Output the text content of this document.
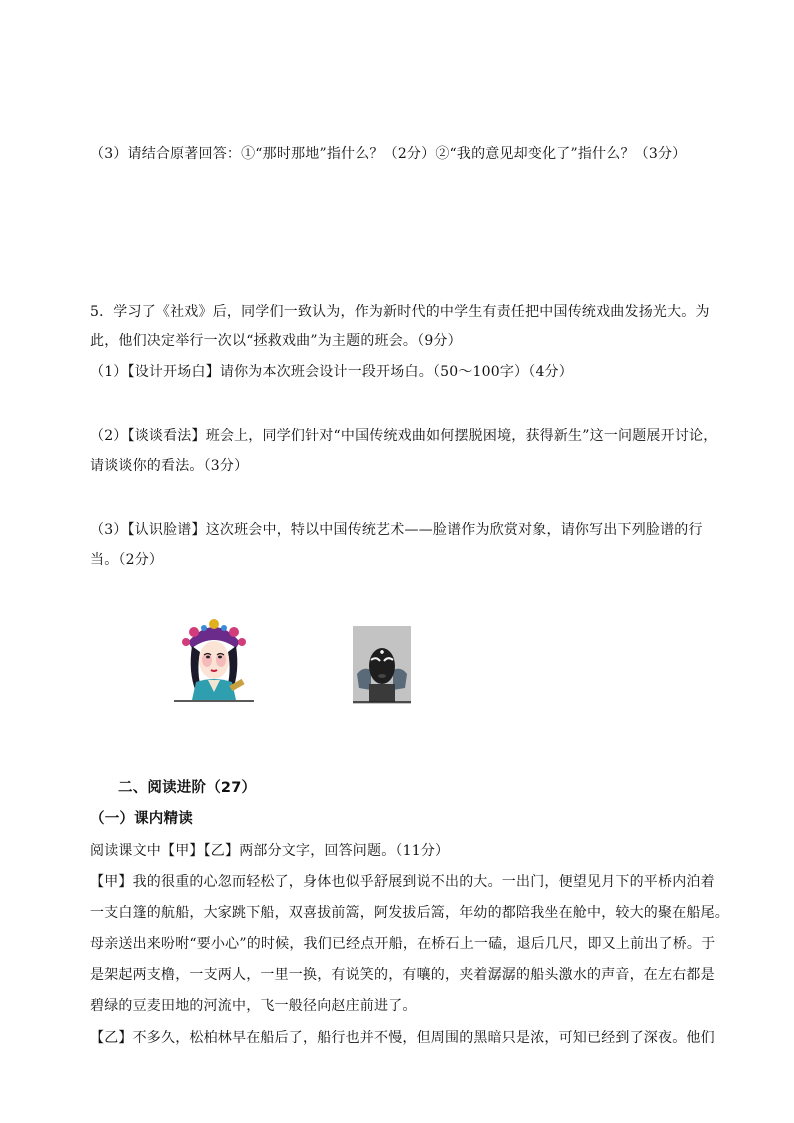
（3）请结合原著回答：①“那时那地”指什么？（2分）②“我的意见却变化了”指什么？（3分）
5．学习了《社戏》后，同学们一致认为，作为新时代的中学生有责任把中国传统戏曲发扬光大。为
此，他们决定举行一次以“拯救戏曲”为主题的班会。（9分）
（1）【设计开场白】请你为本次班会设计一段开场白。（50～100字）（4分）
（2）【谈谈看法】班会上，同学们针对“中国传统戏曲如何摆脱困境，获得新生”这一问题展开讨论，
请谈谈你的看法。（3分）
（3）【认识脸谱】这次班会中，特以中国传统艺术——脸谱作为欣赏对象，请你写出下列脸谱的行
当。（2分）
二、阅读进阶（27）
（一）课内精读
阅读课文中【甲】【乙】两部分文字，回答问题。（11分）
【甲】我的很重的心忽而轻松了，身体也似乎舒展到说不出的大。一出门，便望见月下的平桥内泊着
一支白篷的航船，大家跳下船，双喜拔前篙，阿发拔后篙，年幼的都陪我坐在舱中，较大的聚在船尾。
母亲送出来吩咐“要小心”的时候，我们已经点开船，在桥石上一磕，退后几尺，即又上前出了桥。于
是架起两支橹，一支两人，一里一换，有说笑的，有嚷的，夹着潺潺的船头激水的声音，在左右都是
碧绿的豆麦田地的河流中，飞一般径向赵庄前进了。
【乙】不多久，松柏林早在船后了，船行也并不慢，但周围的黑暗只是浓，可知已经到了深夜。他们
